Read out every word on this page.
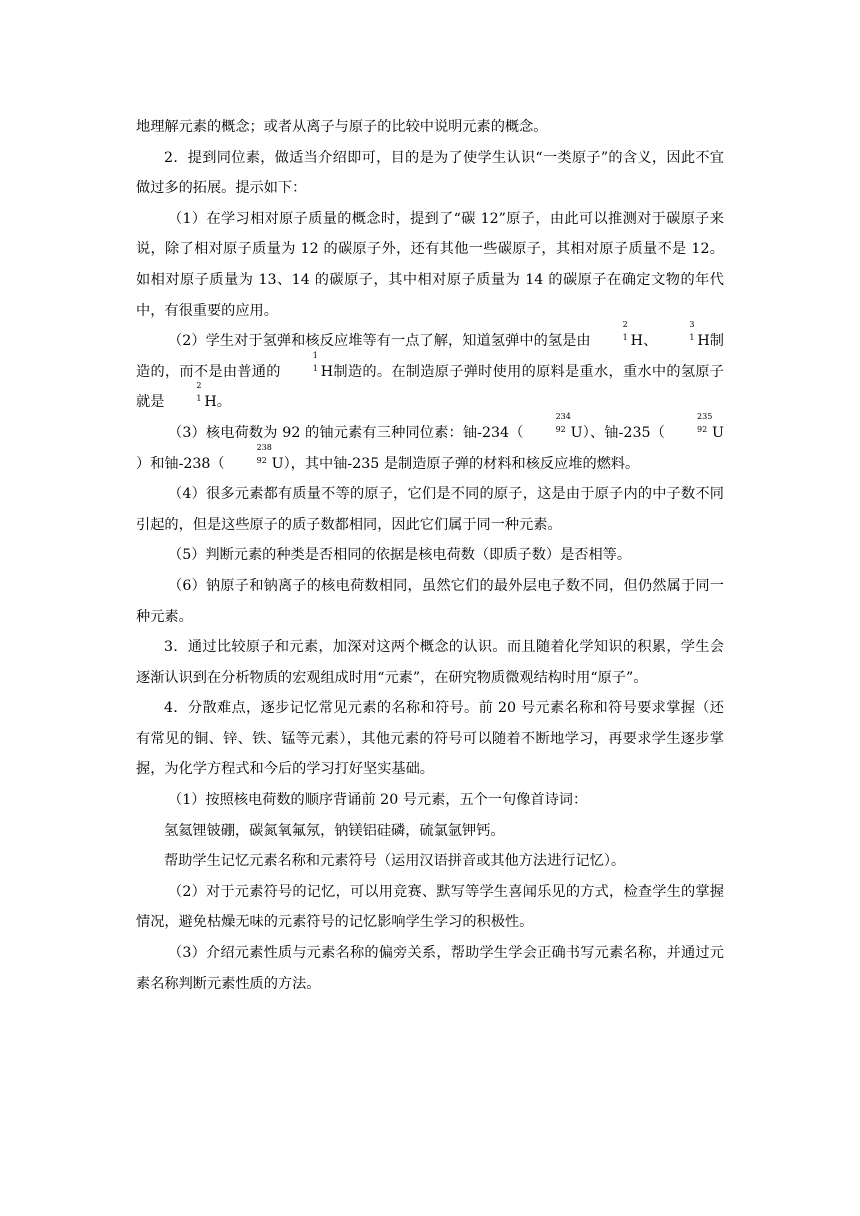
地理解元素的概念；或者从离子与原子的比较中说明元素的概念。

2．提到同位素，做适当介绍即可，目的是为了使学生认识“一类原子”的含义，因此不宜做过多的拓展。提示如下：

（1）在学习相对原子质量的概念时，提到了“碳 12”原子，由此可以推测对于碳原子来说，除了相对原子质量为 12 的碳原子外，还有其他一些碳原子，其相对原子质量不是 12。如相对原子质量为 13、14 的碳原子，其中相对原子质量为 14 的碳原子在确定文物的年代中，有很重要的应用。

（2）学生对于氢弹和核反应堆等有一点了解，知道氢弹中的氢是由
2
1 H、
3
1 H制造的，而不是由普通的
1
1 H制造的。在制造原子弹时使用的原料是重水，重水中的氢原子就是
2
1 H。

（3）核电荷数为 92 的铀元素有三种同位素：铀-234（
234
92 U）、铀-235（
235
92 U）和铀-238（
238
92 U），其中铀-235 是制造原子弹的材料和核反应堆的燃料。

（4）很多元素都有质量不等的原子，它们是不同的原子，这是由于原子内的中子数不同引起的，但是这些原子的质子数都相同，因此它们属于同一种元素。

（5）判断元素的种类是否相同的依据是核电荷数（即质子数）是否相等。

（6）钠原子和钠离子的核电荷数相同，虽然它们的最外层电子数不同，但仍然属于同一种元素。

3．通过比较原子和元素，加深对这两个概念的认识。而且随着化学知识的积累，学生会逐渐认识到在分析物质的宏观组成时用“元素”，在研究物质微观结构时用“原子”。

4．分散难点，逐步记忆常见元素的名称和符号。前 20 号元素名称和符号要求掌握（还有常见的铜、锌、铁、锰等元素），其他元素的符号可以随着不断地学习，再要求学生逐步掌握，为化学方程式和今后的学习打好坚实基础。

（1）按照核电荷数的顺序背诵前 20 号元素，五个一句像首诗词：

氢氦锂铍硼，碳氮氧氟氖，钠镁铝硅磷，硫氯氩钾钙。

帮助学生记忆元素名称和元素符号（运用汉语拼音或其他方法进行记忆）。

（2）对于元素符号的记忆，可以用竞赛、默写等学生喜闻乐见的方式，检查学生的掌握情况，避免枯燥无味的元素符号的记忆影响学生学习的积极性。

（3）介绍元素性质与元素名称的偏旁关系，帮助学生学会正确书写元素名称，并通过元素名称判断元素性质的方法。
